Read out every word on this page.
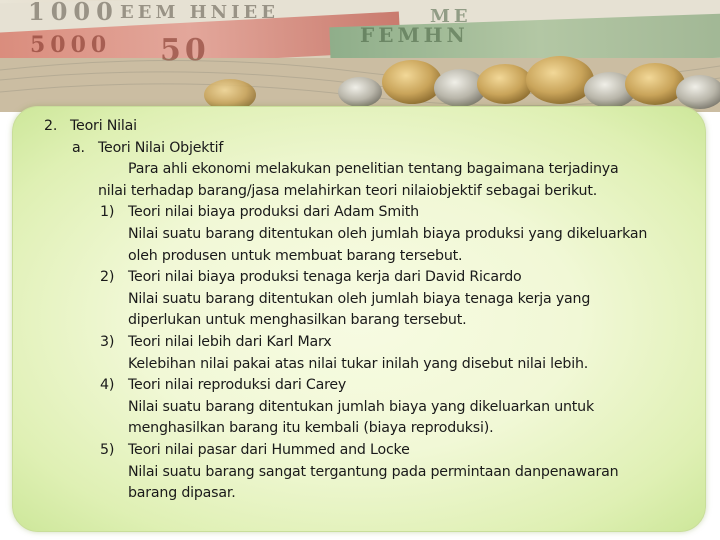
1000 EEM HNIEE
5000 50	FEMHN
ME
2. Teori Nilai
a. Teori Nilai Objektif
Para ahli ekonomi melakukan penelitian tentang bagaimana terjadinya
nilai terhadap barang/jasa melahirkan teori nilaiobjektif sebagai berikut.
1) Teori nilai biaya produksi dari Adam Smith
Nilai suatu barang ditentukan oleh jumlah biaya produksi yang dikeluarkan
oleh produsen untuk membuat barang tersebut.
2) Teori nilai biaya produksi tenaga kerja dari David Ricardo
Nilai suatu barang ditentukan oleh jumlah biaya tenaga kerja yang
diperlukan untuk menghasilkan barang tersebut.
3) Teori nilai lebih dari Karl Marx
Kelebihan nilai pakai atas nilai tukar inilah yang disebut nilai lebih.
4) Teori nilai reproduksi dari Carey
Nilai suatu barang ditentukan jumlah biaya yang dikeluarkan untuk
menghasilkan barang itu kembali (biaya reproduksi).
5) Teori nilai pasar dari Hummed and Locke
Nilai suatu barang sangat tergantung pada permintaan danpenawaran
barang dipasar.
